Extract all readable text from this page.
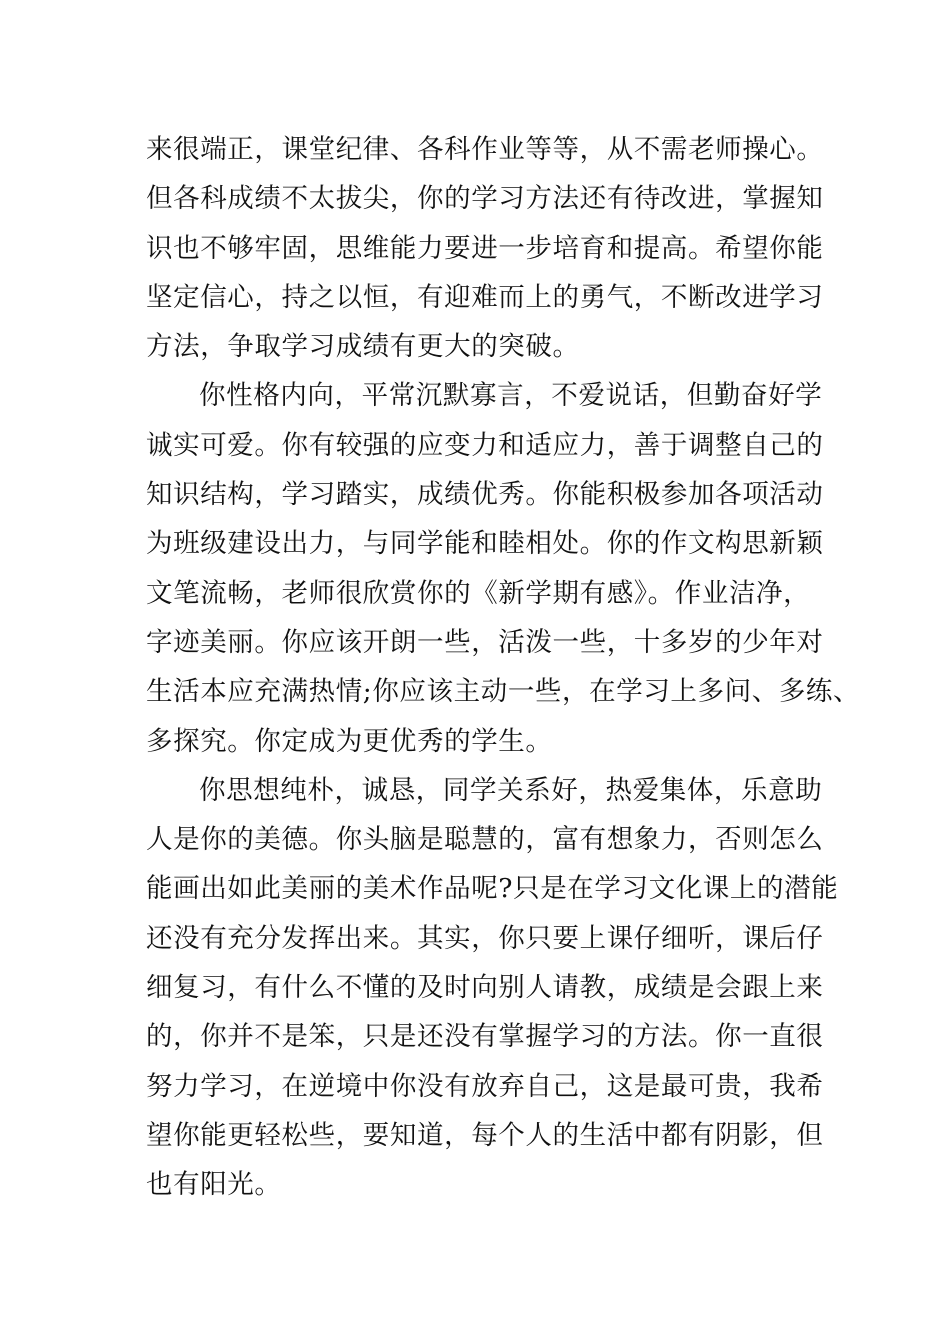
来很端正，课堂纪律、各科作业等等，从不需老师操心。
但各科成绩不太拔尖，你的学习方法还有待改进，掌握知
识也不够牢固，思维能力要进一步培育和提高。希望你能
坚定信心，持之以恒，有迎难而上的勇气，不断改进学习
方法，争取学习成绩有更大的突破。
你性格内向，平常沉默寡言，不爱说话，但勤奋好学
诚实可爱。你有较强的应变力和适应力，善于调整自己的
知识结构，学习踏实，成绩优秀。你能积极参加各项活动
为班级建设出力，与同学能和睦相处。你的作文构思新颖
文笔流畅，老师很欣赏你的《新学期有感》。作业洁净，
字迹美丽。你应该开朗一些，活泼一些，十多岁的少年对
生活本应充满热情;你应该主动一些，在学习上多问、多练、
多探究。你定成为更优秀的学生。
你思想纯朴，诚恳，同学关系好，热爱集体，乐意助
人是你的美德。你头脑是聪慧的，富有想象力，否则怎么
能画出如此美丽的美术作品呢?只是在学习文化课上的潜能
还没有充分发挥出来。其实，你只要上课仔细听，课后仔
细复习，有什么不懂的及时向别人请教，成绩是会跟上来
的，你并不是笨，只是还没有掌握学习的方法。你一直很
努力学习，在逆境中你没有放弃自己，这是最可贵，我希
望你能更轻松些，要知道，每个人的生活中都有阴影，但
也有阳光。
